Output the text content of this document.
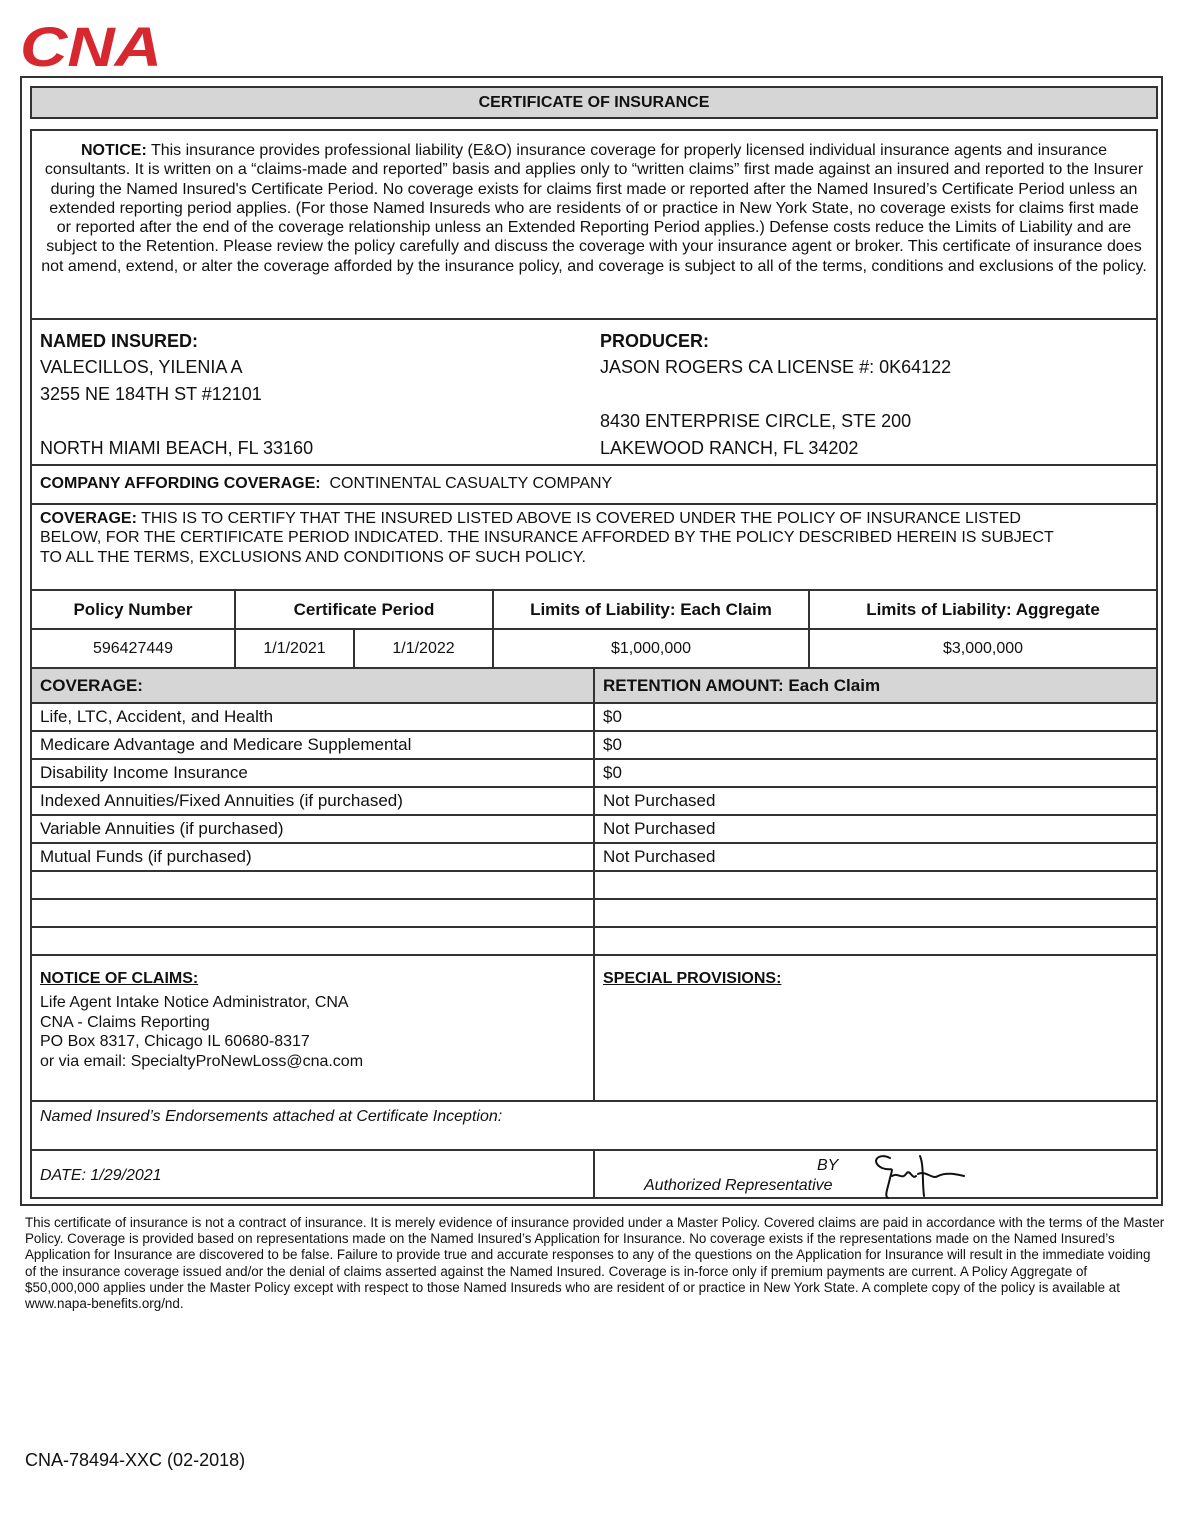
CNA
CERTIFICATE OF INSURANCE
NOTICE: This insurance provides professional liability (E&O) insurance coverage for properly licensed individual insurance agents and insurance consultants. It is written on a “claims-made and reported” basis and applies only to “written claims” first made against an insured and reported to the Insurer during the Named Insured's Certificate Period. No coverage exists for claims first made or reported after the Named Insured’s Certificate Period unless an extended reporting period applies. (For those Named Insureds who are residents of or practice in New York State, no coverage exists for claims first made or reported after the end of the coverage relationship unless an Extended Reporting Period applies.) Defense costs reduce the Limits of Liability and are subject to the Retention. Please review the policy carefully and discuss the coverage with your insurance agent or broker. This certificate of insurance does not amend, extend, or alter the coverage afforded by the insurance policy, and coverage is subject to all of the terms, conditions and exclusions of the policy.
NAMED INSURED:
VALECILLOS, YILENIA A
3255 NE 184TH ST #12101
NORTH MIAMI BEACH, FL 33160
PRODUCER:
JASON ROGERS CA LICENSE #: 0K64122
8430 ENTERPRISE CIRCLE, STE 200
LAKEWOOD RANCH, FL 34202
COMPANY AFFORDING COVERAGE: CONTINENTAL CASUALTY COMPANY
COVERAGE: THIS IS TO CERTIFY THAT THE INSURED LISTED ABOVE IS COVERED UNDER THE POLICY OF INSURANCE LISTED
BELOW, FOR THE CERTIFICATE PERIOD INDICATED. THE INSURANCE AFFORDED BY THE POLICY DESCRIBED HEREIN IS SUBJECT
TO ALL THE TERMS, EXCLUSIONS AND CONDITIONS OF SUCH POLICY.
Policy Number	Certificate Period	Limits of Liability: Each Claim	Limits of Liability: Aggregate
596427449	1/1/2021	1/1/2022	$1,000,000	$3,000,000
COVERAGE:	RETENTION AMOUNT: Each Claim
Life, LTC, Accident, and Health	$0
Medicare Advantage and Medicare Supplemental	$0
Disability Income Insurance	$0
Indexed Annuities/Fixed Annuities (if purchased)	Not Purchased
Variable Annuities (if purchased)	Not Purchased
Mutual Funds (if purchased)	Not Purchased
NOTICE OF CLAIMS:
Life Agent Intake Notice Administrator, CNA
CNA - Claims Reporting
PO Box 8317, Chicago IL 60680-8317
or via email: SpecialtyProNewLoss@cna.com
SPECIAL PROVISIONS:
Named Insured’s Endorsements attached at Certificate Inception:
DATE: 1/29/2021
BY
Authorized Representative
This certificate of insurance is not a contract of insurance. It is merely evidence of insurance provided under a Master Policy. Covered claims are paid in accordance with the terms of the Master Policy. Coverage is provided based on representations made on the Named Insured’s Application for Insurance. No coverage exists if the representations made on the Named Insured’s Application for Insurance are discovered to be false. Failure to provide true and accurate responses to any of the questions on the Application for Insurance will result in the immediate voiding of the insurance coverage issued and/or the denial of claims asserted against the Named Insured. Coverage is in-force only if premium payments are current. A Policy Aggregate of $50,000,000 applies under the Master Policy except with respect to those Named Insureds who are resident of or practice in New York State. A complete copy of the policy is available at www.napa-benefits.org/nd.
CNA-78494-XXC (02-2018)
